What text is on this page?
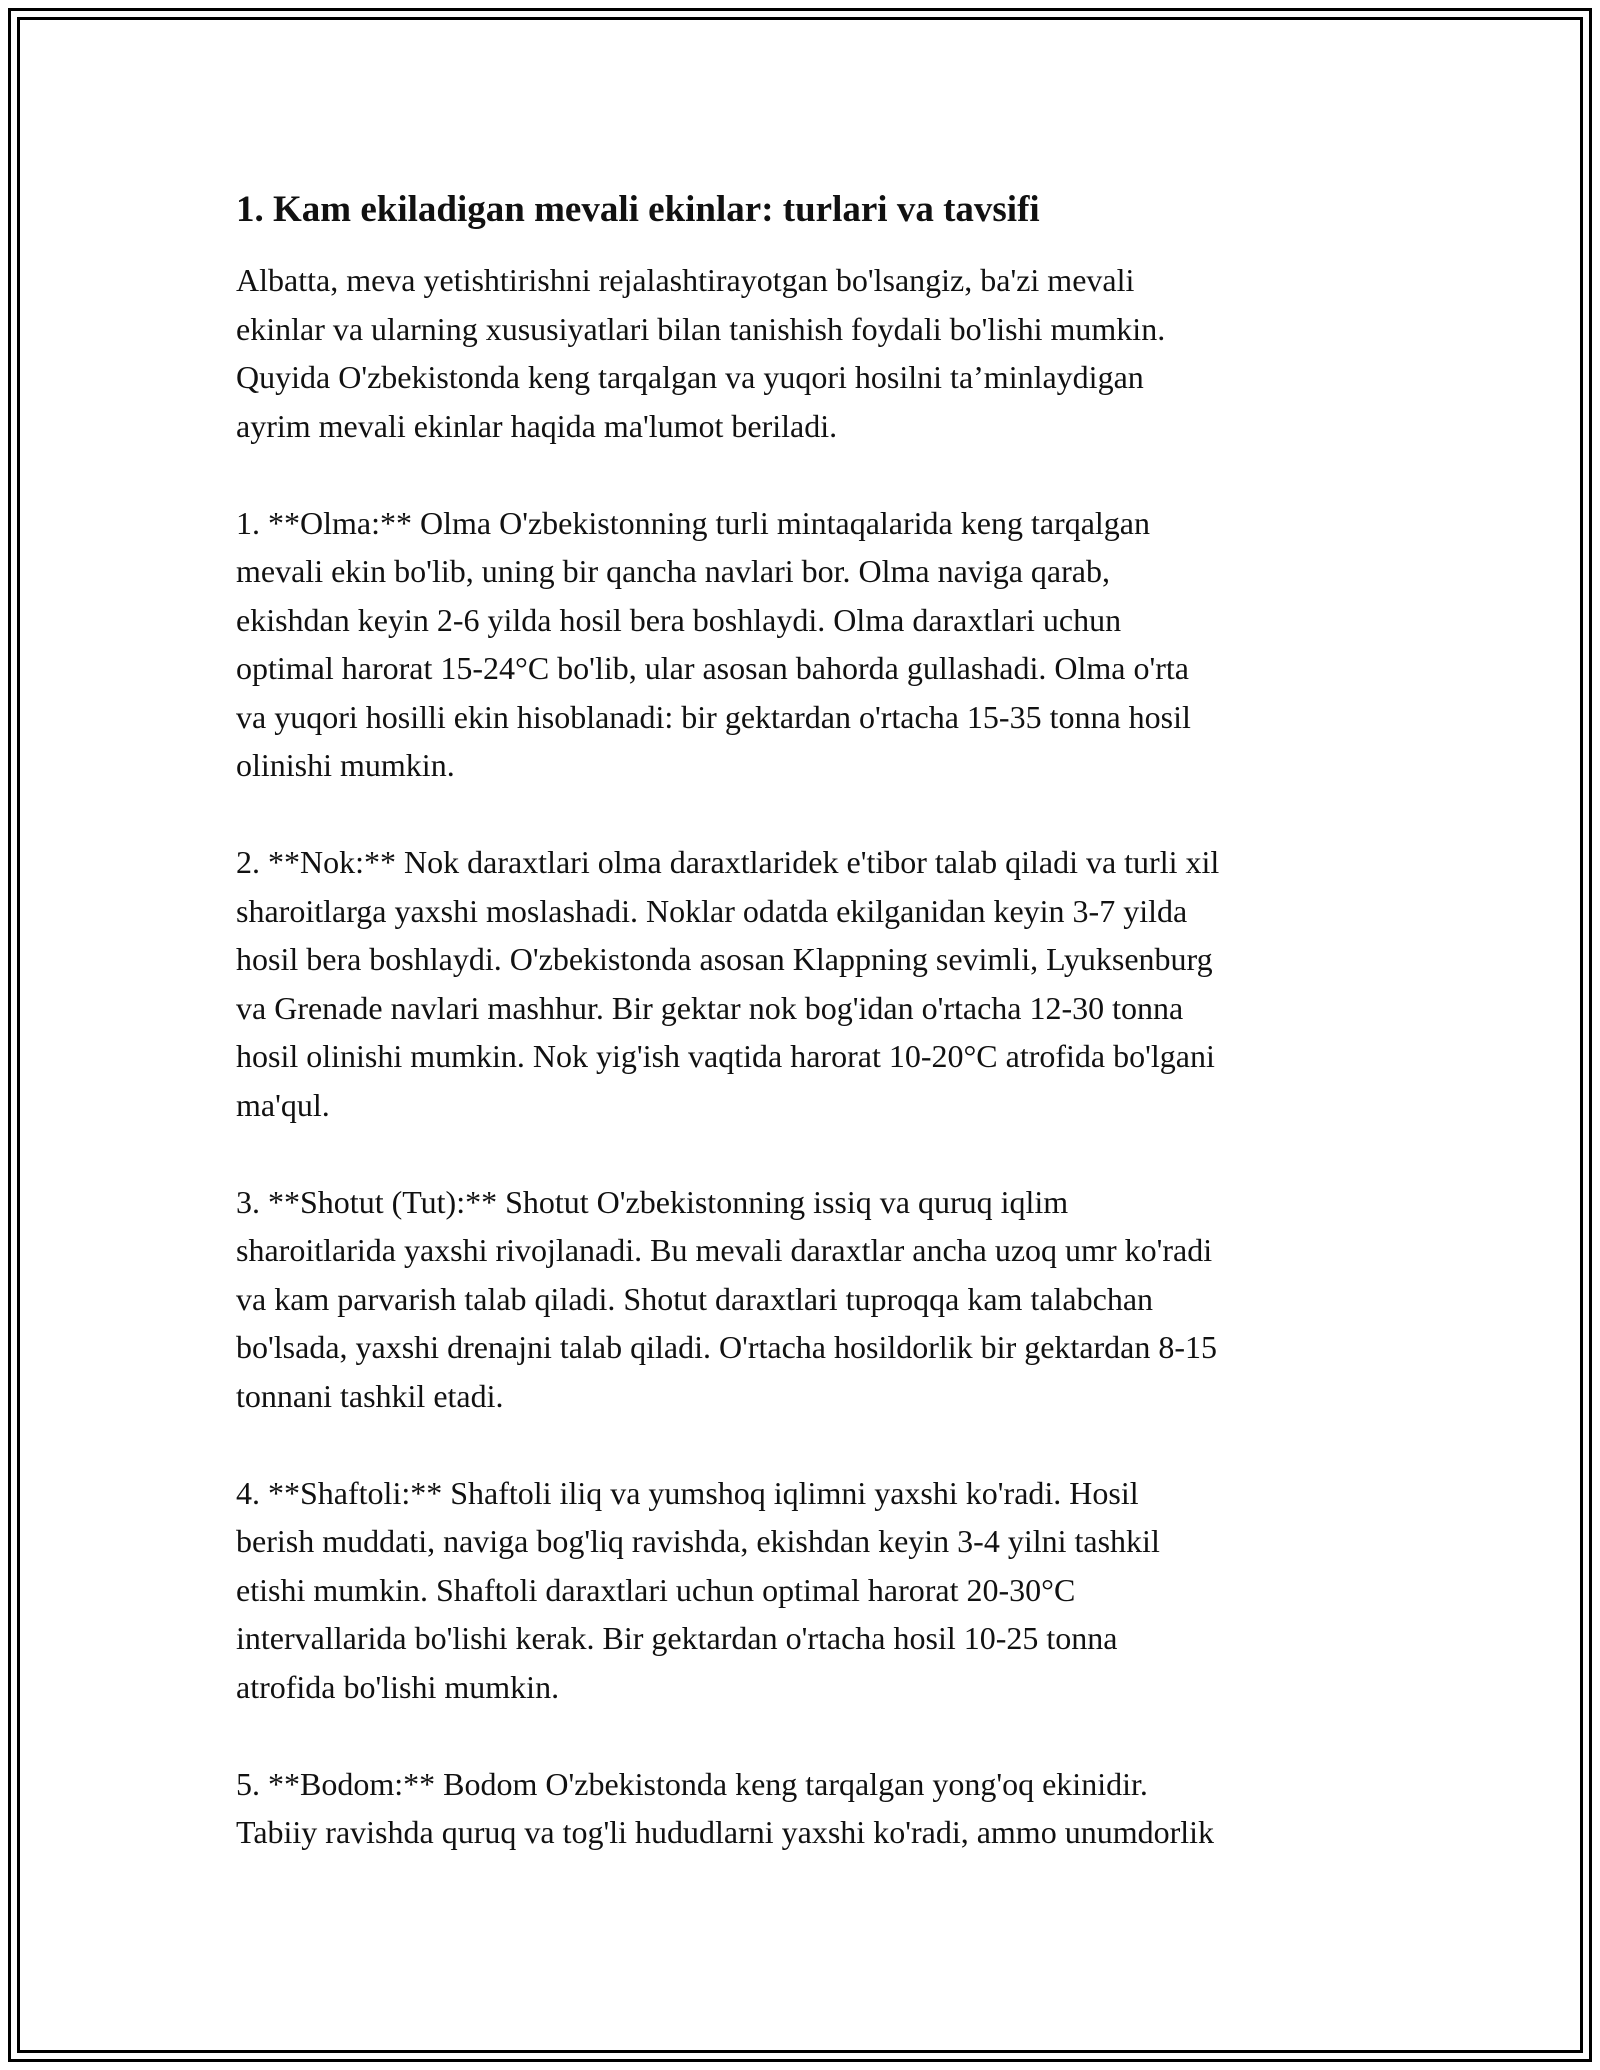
1. Kam ekiladigan mevali ekinlar: turlari va tavsifi
Albatta, meva yetishtirishni rejalashtirayotgan bo'lsangiz, ba'zi mevali
ekinlar va ularning xususiyatlari bilan tanishish foydali bo'lishi mumkin.
Quyida O'zbekistonda keng tarqalgan va yuqori hosilni ta’minlaydigan
ayrim mevali ekinlar haqida ma'lumot beriladi.
1. **Olma:** Olma O'zbekistonning turli mintaqalarida keng tarqalgan
mevali ekin bo'lib, uning bir qancha navlari bor. Olma naviga qarab,
ekishdan keyin 2-6 yilda hosil bera boshlaydi. Olma daraxtlari uchun
optimal harorat 15-24°C bo'lib, ular asosan bahorda gullashadi. Olma o'rta
va yuqori hosilli ekin hisoblanadi: bir gektardan o'rtacha 15-35 tonna hosil
olinishi mumkin.
2. **Nok:** Nok daraxtlari olma daraxtlaridek e'tibor talab qiladi va turli xil
sharoitlarga yaxshi moslashadi. Noklar odatda ekilganidan keyin 3-7 yilda
hosil bera boshlaydi. O'zbekistonda asosan Klappning sevimli, Lyuksenburg
va Grenade navlari mashhur. Bir gektar nok bog'idan o'rtacha 12-30 tonna
hosil olinishi mumkin. Nok yig'ish vaqtida harorat 10-20°C atrofida bo'lgani
ma'qul.
3. **Shotut (Tut):** Shotut O'zbekistonning issiq va quruq iqlim
sharoitlarida yaxshi rivojlanadi. Bu mevali daraxtlar ancha uzoq umr ko'radi
va kam parvarish talab qiladi. Shotut daraxtlari tuproqqa kam talabchan
bo'lsada, yaxshi drenajni talab qiladi. O'rtacha hosildorlik bir gektardan 8-15
tonnani tashkil etadi.
4. **Shaftoli:** Shaftoli iliq va yumshoq iqlimni yaxshi ko'radi. Hosil
berish muddati, naviga bog'liq ravishda, ekishdan keyin 3-4 yilni tashkil
etishi mumkin. Shaftoli daraxtlari uchun optimal harorat 20-30°C
intervallarida bo'lishi kerak. Bir gektardan o'rtacha hosil 10-25 tonna
atrofida bo'lishi mumkin.
5. **Bodom:** Bodom O'zbekistonda keng tarqalgan yong'oq ekinidir.
Tabiiy ravishda quruq va tog'li hududlarni yaxshi ko'radi, ammo unumdorlik
